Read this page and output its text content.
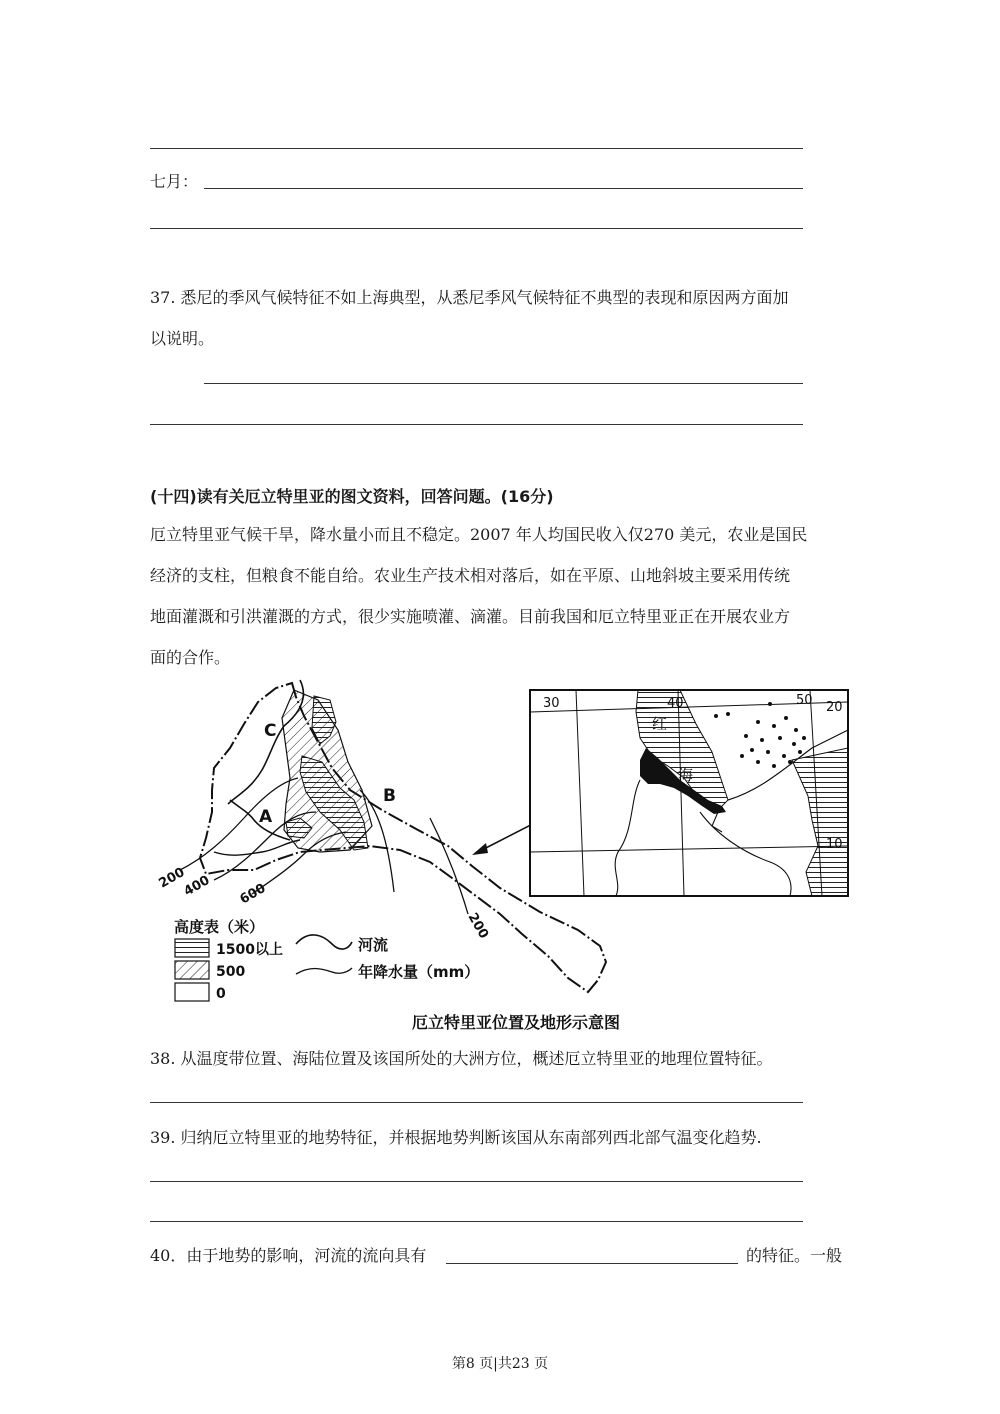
七月：
37. 悉尼的季风气候特征不如上海典型，从悉尼季风气候特征不典型的表现和原因两方面加
以说明。
(十四)读有关厄立特里亚的图文资料，回答问题。(16分)
厄立特里亚气候干旱，降水量小而且不稳定。2007 年人均国民收入仅270 美元，农业是国民
经济的支柱，但粮食不能自给。农业生产技术相对落后，如在平原、山地斜坡主要采用传统
地面灌溉和引洪灌溉的方式，很少实施喷灌、滴灌。目前我国和厄立特里亚正在开展农业方
面的合作。
C
A
B
200
400 600
200
30	40	50 20
10
红
海
高度表（米）
1500以上
500
0
河流
年降水量（mm）
厄立特里亚位置及地形示意图
38. 从温度带位置、海陆位置及该国所处的大洲方位，概述厄立特里亚的地理位置特征。
39. 归纳厄立特里亚的地势特征，并根据地势判断该国从东南部列西北部气温变化趋势.
40．由于地势的影响，河流的流向具有	的特征。一般
第8 页|共23 页
